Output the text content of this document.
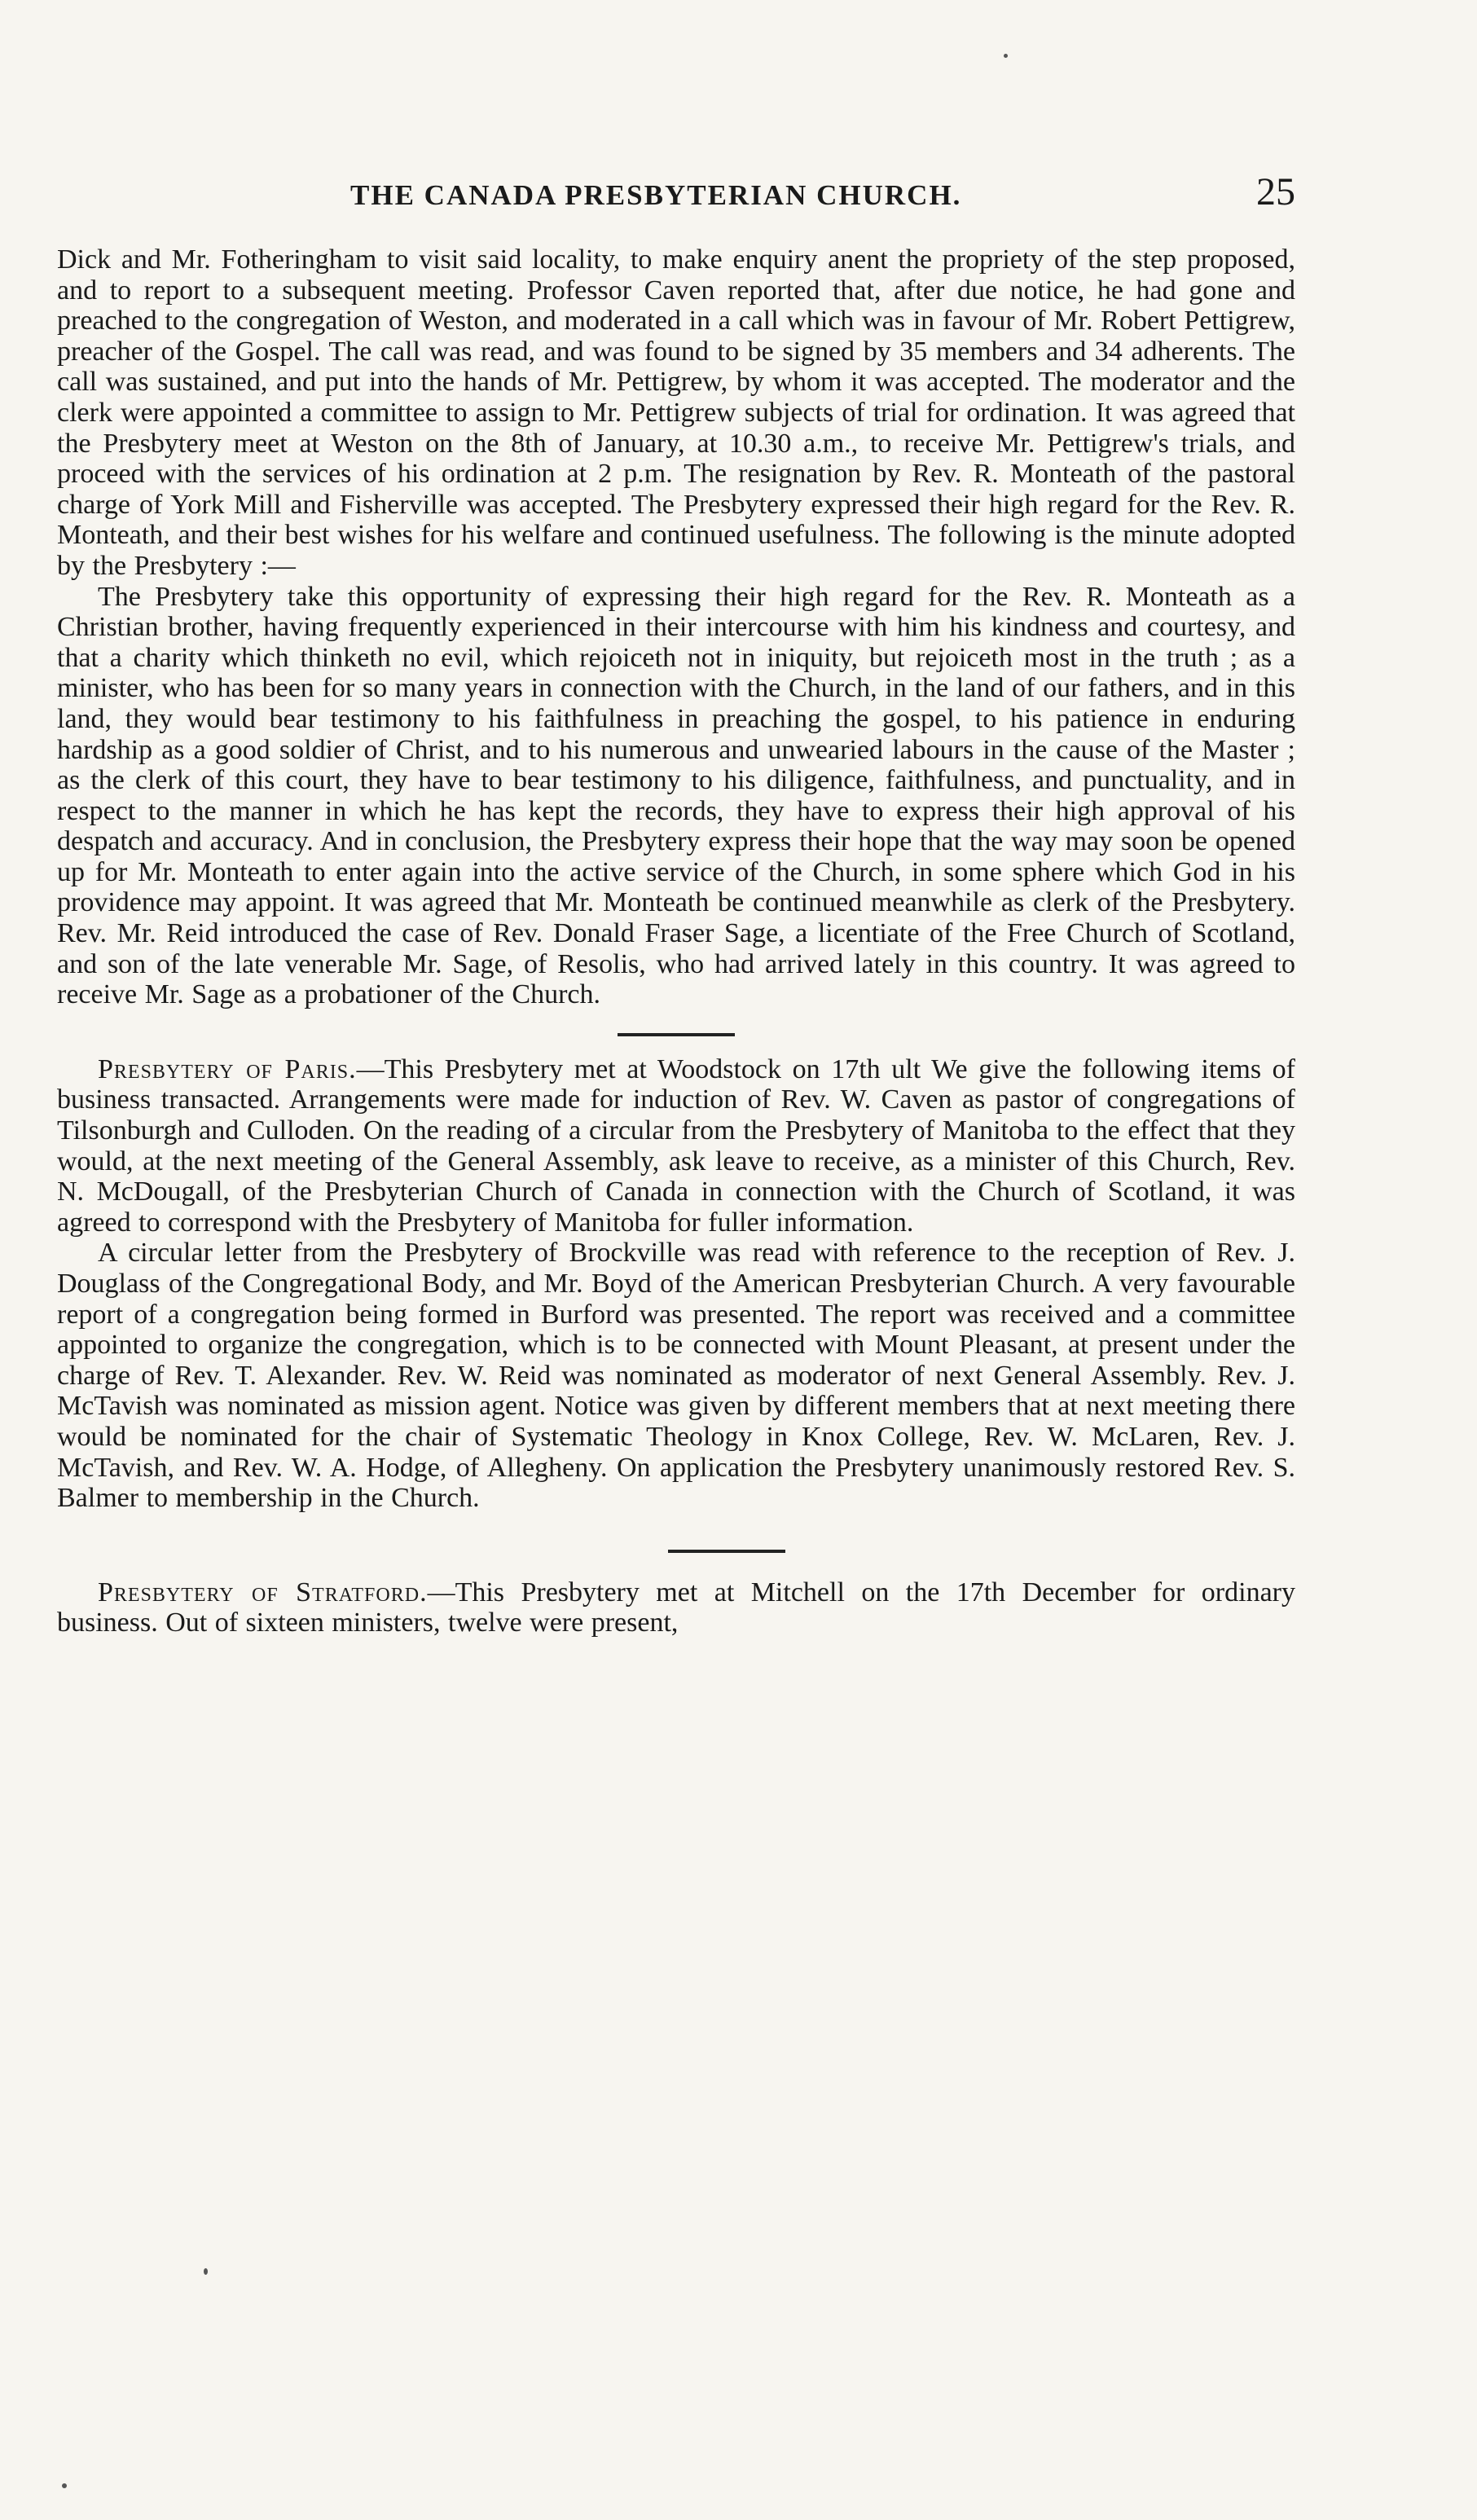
THE CANADA PRESBYTERIAN CHURCH.	25

Dick and Mr. Fotheringham to visit said locality, to make enquiry anent the propriety of the step proposed, and to report to a subsequent meeting. Professor Caven reported that, after due notice, he had gone and preached to the congregation of Weston, and moderated in a call which was in favour of Mr. Robert Pettigrew, preacher of the Gospel. The call was read, and was found to be signed by 35 members and 34 adherents. The call was sustained, and put into the hands of Mr. Pettigrew, by whom it was accepted. The moderator and the clerk were appointed a committee to assign to Mr. Pettigrew subjects of trial for ordination. It was agreed that the Presbytery meet at Weston on the 8th of January, at 10.30 a.m., to receive Mr. Pettigrew's trials, and proceed with the services of his ordination at 2 p.m. The resignation by Rev. R. Monteath of the pastoral charge of York Mill and Fisherville was accepted. The Presbytery expressed their high regard for the Rev. R. Monteath, and their best wishes for his welfare and continued usefulness. The following is the minute adopted by the Presbytery :—

The Presbytery take this opportunity of expressing their high regard for the Rev. R. Monteath as a Christian brother, having frequently experienced in their intercourse with him his kindness and courtesy, and that a charity which thinketh no evil, which rejoiceth not in iniquity, but rejoiceth most in the truth ; as a minister, who has been for so many years in connection with the Church, in the land of our fathers, and in this land, they would bear testimony to his faithfulness in preaching the gospel, to his patience in enduring hardship as a good soldier of Christ, and to his numerous and unwearied labours in the cause of the Master ; as the clerk of this court, they have to bear testimony to his diligence, faithfulness, and punctuality, and in respect to the manner in which he has kept the records, they have to express their high approval of his despatch and accuracy. And in conclusion, the Presbytery express their hope that the way may soon be opened up for Mr. Monteath to enter again into the active service of the Church, in some sphere which God in his providence may appoint. It was agreed that Mr. Monteath be continued meanwhile as clerk of the Presbytery. Rev. Mr. Reid introduced the case of Rev. Donald Fraser Sage, a licentiate of the Free Church of Scotland, and son of the late venerable Mr. Sage, of Resolis, who had arrived lately in this country. It was agreed to receive Mr. Sage as a probationer of the Church.

Presbytery of Paris.—This Presbytery met at Woodstock on 17th ult We give the following items of business transacted. Arrangements were made for induction of Rev. W. Caven as pastor of congregations of Tilsonburgh and Culloden. On the reading of a circular from the Presbytery of Manitoba to the effect that they would, at the next meeting of the General Assembly, ask leave to receive, as a minister of this Church, Rev. N. McDougall, of the Presbyterian Church of Canada in connection with the Church of Scotland, it was agreed to correspond with the Presbytery of Manitoba for fuller information.

A circular letter from the Presbytery of Brockville was read with reference to the reception of Rev. J. Douglass of the Congregational Body, and Mr. Boyd of the American Presbyterian Church. A very favourable report of a congregation being formed in Burford was presented. The report was received and a committee appointed to organize the congregation, which is to be connected with Mount Pleasant, at present under the charge of Rev. T. Alexander. Rev. W. Reid was nominated as moderator of next General Assembly. Rev. J. McTavish was nominated as mission agent. Notice was given by different members that at next meeting there would be nominated for the chair of Systematic Theology in Knox College, Rev. W. McLaren, Rev. J. McTavish, and Rev. W. A. Hodge, of Allegheny. On application the Presbytery unanimously restored Rev. S. Balmer to membership in the Church.

Presbytery of Stratford.—This Presbytery met at Mitchell on the 17th December for ordinary business. Out of sixteen ministers, twelve were present,
